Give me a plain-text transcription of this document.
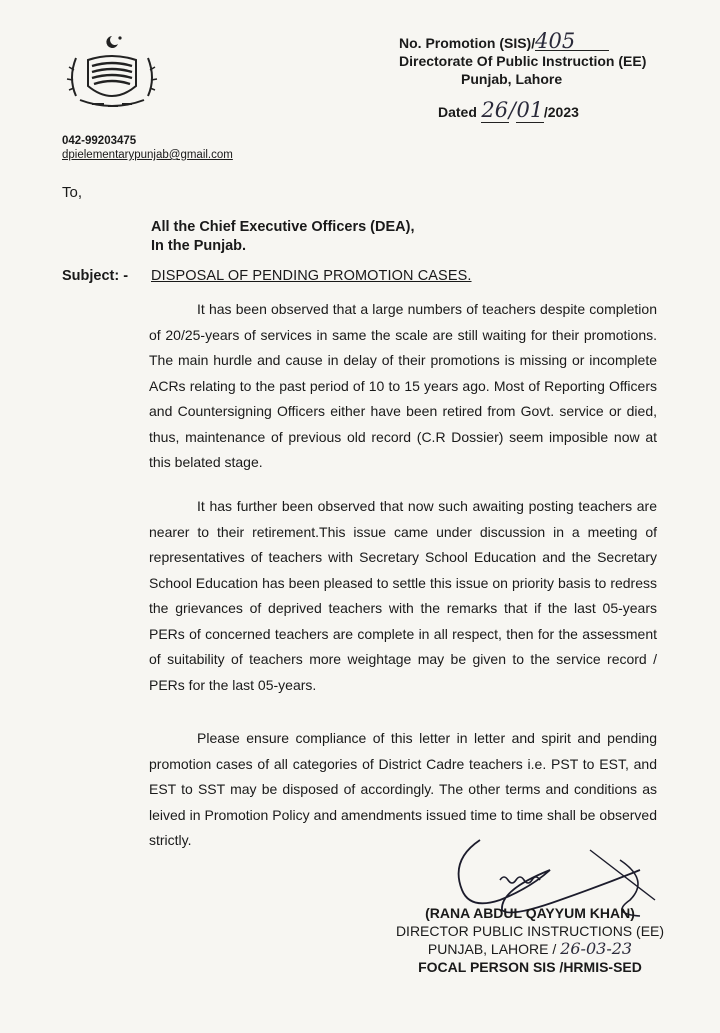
No. Promotion (SIS)/405
Directorate Of Public Instruction (EE)
Punjab, Lahore
Dated 26/01/2023
042-99203475
dpielementarypunjab@gmail.com
To,
All the Chief Executive Officers (DEA),
In the Punjab.
Subject: - DISPOSAL OF PENDING PROMOTION CASES.
It has been observed that a large numbers of teachers despite completion of 20/25-years of services in same the scale are still waiting for their promotions. The main hurdle and cause in delay of their promotions is missing or incomplete ACRs relating to the past period of 10 to 15 years ago. Most of Reporting Officers and Countersigning Officers either have been retired from Govt. service or died, thus, maintenance of previous old record (C.R Dossier) seem imposible now at this belated stage.
It has further been observed that now such awaiting posting teachers are nearer to their retirement.This issue came under discussion in a meeting of representatives of teachers with Secretary School Education and the Secretary School Education has been pleased to settle this issue on priority basis to redress the grievances of deprived teachers with the remarks that if the last 05-years PERs of concerned teachers are complete in all respect, then for the assessment of suitability of teachers more weightage may be given to the service record / PERs for the last 05-years.
Please ensure compliance of this letter in letter and spirit and pending promotion cases of all categories of District Cadre teachers i.e. PST to EST, and EST to SST may be disposed of accordingly. The other terms and conditions as leived in Promotion Policy and amendments issued time to time shall be observed strictly.
(RANA ABDUL QAYYUM KHAN)
DIRECTOR PUBLIC INSTRUCTIONS (EE)
PUNJAB, LAHORE / 26-03-23
FOCAL PERSON SIS /HRMIS-SED
